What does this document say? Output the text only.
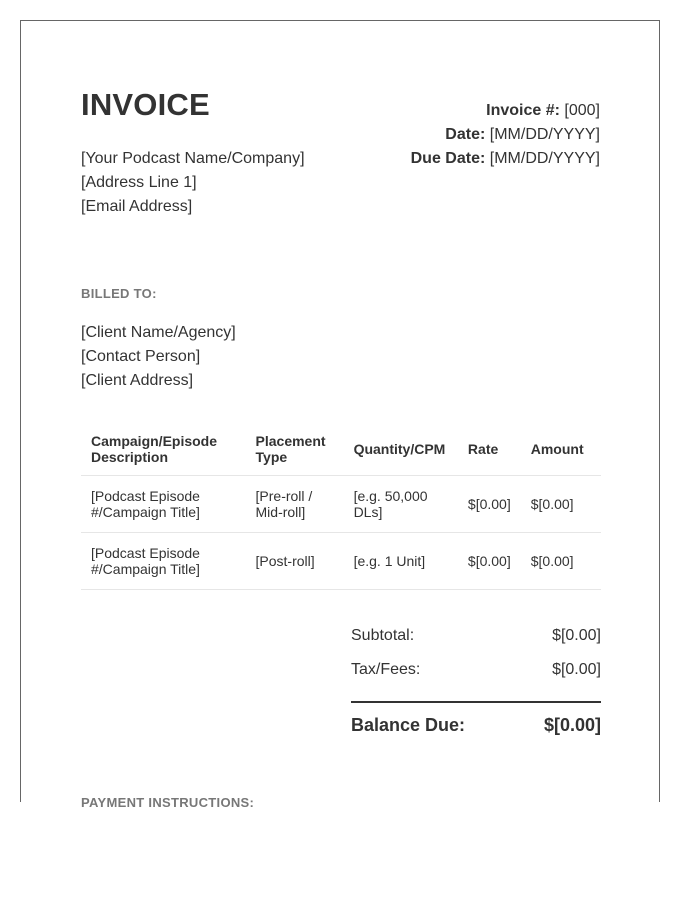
INVOICE
[Your Podcast Name/Company]
[Address Line 1]
[Email Address]
Invoice #: [000]
Date: [MM/DD/YYYY]
Due Date: [MM/DD/YYYY]
BILLED TO:
[Client Name/Agency]
[Contact Person]
[Client Address]
Campaign/Episode Description	Placement Type	Quantity/CPM	Rate	Amount
[Podcast Episode #/Campaign Title]	[Pre-roll / Mid-roll]	[e.g. 50,000 DLs]	$[0.00]	$[0.00]
[Podcast Episode #/Campaign Title]	[Post-roll]	[e.g. 1 Unit]	$[0.00]	$[0.00]
Subtotal:	$[0.00]
Tax/Fees:	$[0.00]
Balance Due:	$[0.00]
PAYMENT INSTRUCTIONS:
